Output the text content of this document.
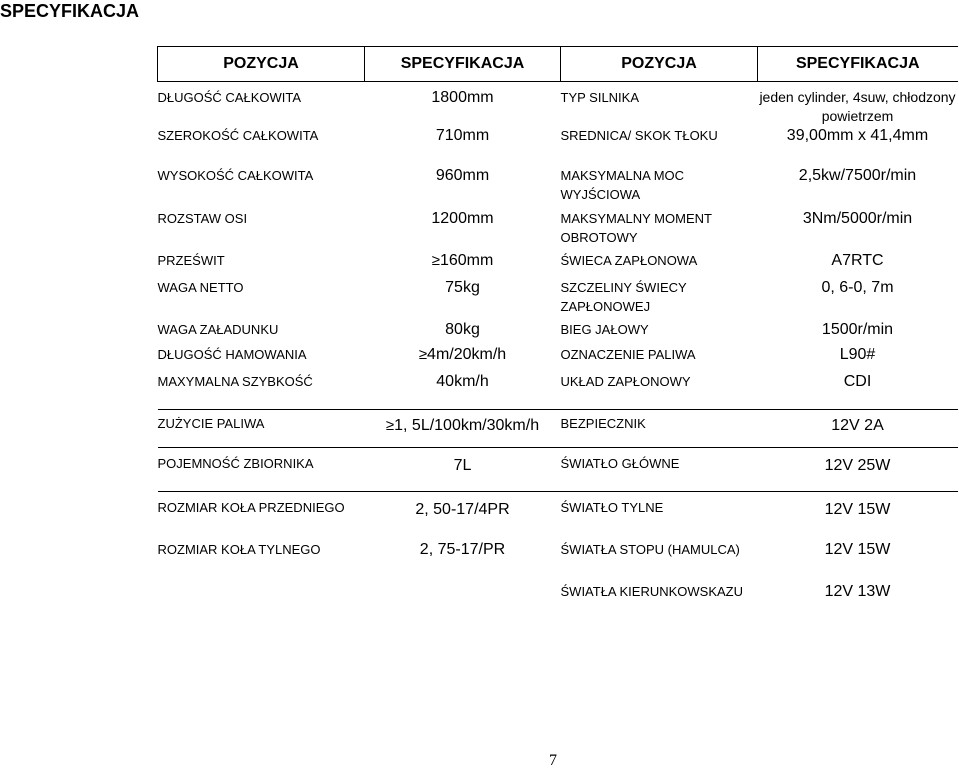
SPECYFIKACJA
POZYCJA	SPECYFIKACJA	POZYCJA	SPECYFIKACJA
DŁUGOŚĆ CAŁKOWITA	1800mm	TYP SILNIKA	jeden cylinder, 4suw, chłodzony powietrzem
SZEROKOŚĆ CAŁKOWITA	710mm	SREDNICA/ SKOK TŁOKU	39,00mm x 41,4mm
WYSOKOŚĆ CAŁKOWITA	960mm	MAKSYMALNA MOC WYJŚCIOWA	2,5kw/7500r/min
ROZSTAW OSI	1200mm	MAKSYMALNY MOMENT OBROTOWY	3Nm/5000r/min
PRZEŚWIT	≥160mm	ŚWIECA ZAPŁONOWA	A7RTC
WAGA NETTO	75kg	SZCZELINY ŚWIECY ZAPŁONOWEJ	0, 6-0, 7m
WAGA ZAŁADUNKU	80kg	BIEG JAŁOWY	1500r/min
DŁUGOŚĆ HAMOWANIA	≥4m/20km/h	OZNACZENIE PALIWA	L90#
MAXYMALNA SZYBKOŚĆ	40km/h	UKŁAD ZAPŁONOWY	CDI
ZUŻYCIE PALIWA	≥1, 5L/100km/30km/h	BEZPIECZNIK	12V 2A
POJEMNOŚĆ ZBIORNIKA	7L	ŚWIATŁO GŁÓWNE	12V 25W
ROZMIAR KOŁA PRZEDNIEGO	2, 50-17/4PR	ŚWIATŁO TYLNE	12V 15W
ROZMIAR KOŁA TYLNEGO	2, 75-17/PR	ŚWIATŁA STOPU (HAMULCA)	12V 15W
		ŚWIATŁA KIERUNKOWSKAZU	12V 13W
7
